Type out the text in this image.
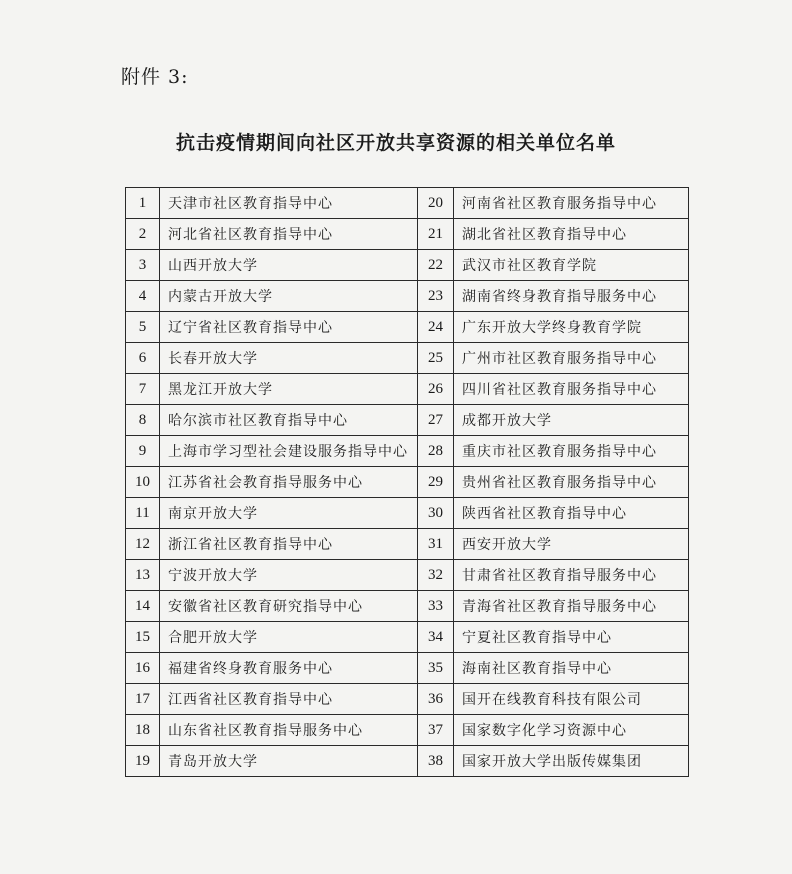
附件 3:
抗击疫情期间向社区开放共享资源的相关单位名单
1	天津市社区教育指导中心	20	河南省社区教育服务指导中心
2	河北省社区教育指导中心	21	湖北省社区教育指导中心
3	山西开放大学	22	武汉市社区教育学院
4	内蒙古开放大学	23	湖南省终身教育指导服务中心
5	辽宁省社区教育指导中心	24	广东开放大学终身教育学院
6	长春开放大学	25	广州市社区教育服务指导中心
7	黑龙江开放大学	26	四川省社区教育服务指导中心
8	哈尔滨市社区教育指导中心	27	成都开放大学
9	上海市学习型社会建设服务指导中心	28	重庆市社区教育服务指导中心
10	江苏省社会教育指导服务中心	29	贵州省社区教育服务指导中心
11	南京开放大学	30	陕西省社区教育指导中心
12	浙江省社区教育指导中心	31	西安开放大学
13	宁波开放大学	32	甘肃省社区教育指导服务中心
14	安徽省社区教育研究指导中心	33	青海省社区教育指导服务中心
15	合肥开放大学	34	宁夏社区教育指导中心
16	福建省终身教育服务中心	35	海南社区教育指导中心
17	江西省社区教育指导中心	36	国开在线教育科技有限公司
18	山东省社区教育指导服务中心	37	国家数字化学习资源中心
19	青岛开放大学	38	国家开放大学出版传媒集团
